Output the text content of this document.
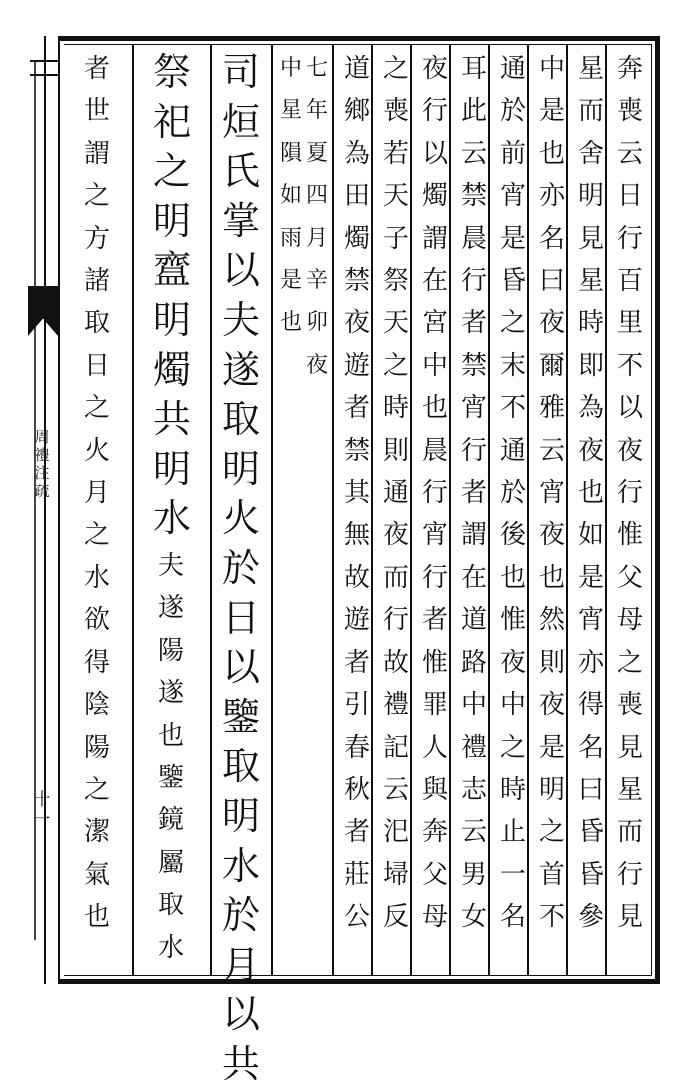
周
禮
注
疏
十
一
奔
喪
云
日
行
百
里
不
以
夜
行
惟
父
母
之
喪
見
星
而
行
見
星
而
舍
明
見
星
時
即
為
夜
也
如
是
宵
亦
得
名
曰
昏
昏
參
中
是
也
亦
名
曰
夜
爾
雅
云
宵
夜
也
然
則
夜
是
明
之
首
不
通
於
前
宵
是
昏
之
末
不
通
於
後
也
惟
夜
中
之
時
止
一
名
耳
此
云
禁
晨
行
者
禁
宵
行
者
謂
在
道
路
中
禮
志
云
男
女
夜
行
以
燭
謂
在
宮
中
也
晨
行
宵
行
者
惟
罪
人
與
奔
父
母
之
喪
若
天
子
祭
天
之
時
則
通
夜
而
行
故
禮
記
云
汜
埽
反
道
鄉
為
田
燭
禁
夜
遊
者
禁
其
無
故
遊
者
引
春
秋
者
莊
公
七
年
夏
四
月
辛
卯
夜
中
星
隕
如
雨
是
也
司
烜
氏
掌
以
夫
遂
取
明
火
於
日
以
鑒
取
明
水
於
月
以
共
祭
祀
之
明
齍
明
燭
共
明
水
夫
遂
陽
遂
也
鑒
鏡
屬
取
水
者
世
謂
之
方
諸
取
日
之
火
月
之
水
欲
得
陰
陽
之
潔
氣
也
